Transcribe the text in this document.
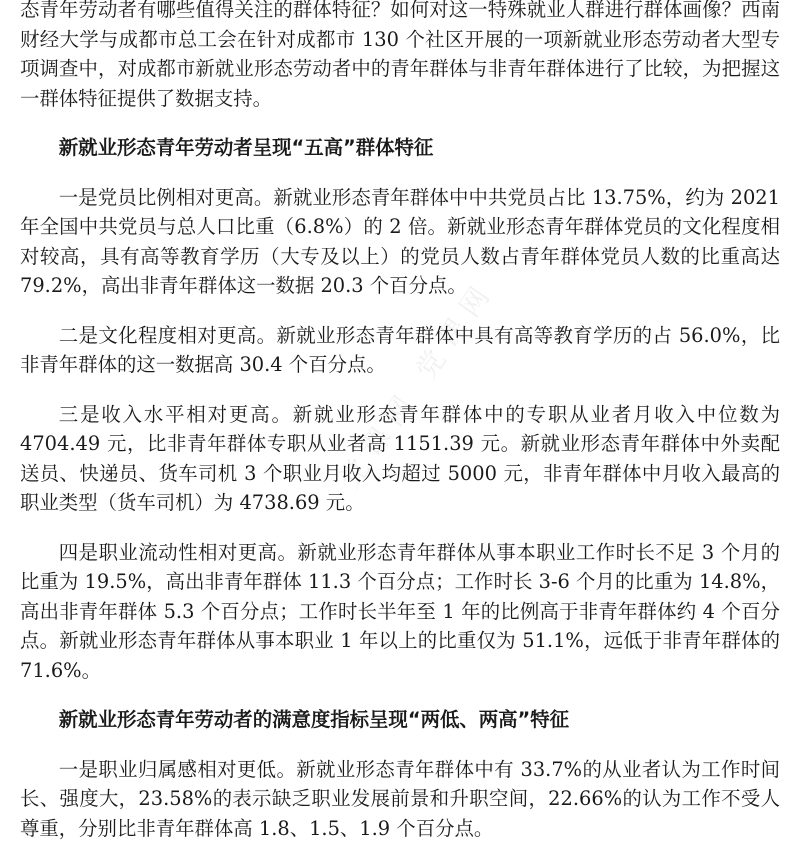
党课网 党课网

态青年劳动者有哪些值得关注的群体特征？如何对这一特殊就业人群进行群体画像？西南财经大学与成都市总工会在针对成都市 130 个社区开展的一项新就业形态劳动者大型专项调查中，对成都市新就业形态劳动者中的青年群体与非青年群体进行了比较，为把握这一群体特征提供了数据支持。

新就业形态青年劳动者呈现“五高”群体特征

一是党员比例相对更高。新就业形态青年群体中中共党员占比 13.75%，约为 2021 年全国中共党员与总人口比重（6.8%）的 2 倍。新就业形态青年群体党员的文化程度相对较高，具有高等教育学历（大专及以上）的党员人数占青年群体党员人数的比重高达 79.2%，高出非青年群体这一数据 20.3 个百分点。

二是文化程度相对更高。新就业形态青年群体中具有高等教育学历的占 56.0%，比非青年群体的这一数据高 30.4 个百分点。

三是收入水平相对更高。新就业形态青年群体中的专职从业者月收入中位数为 4704.49 元，比非青年群体专职从业者高 1151.39 元。新就业形态青年群体中外卖配送员、快递员、货车司机 3 个职业月收入均超过 5000 元，非青年群体中月收入最高的职业类型（货车司机）为 4738.69 元。

四是职业流动性相对更高。新就业形态青年群体从事本职业工作时长不足 3 个月的比重为 19.5%，高出非青年群体 11.3 个百分点；工作时长 3-6 个月的比重为 14.8%，高出非青年群体 5.3 个百分点；工作时长半年至 1 年的比例高于非青年群体约 4 个百分点。新就业形态青年群体从事本职业 1 年以上的比重仅为 51.1%，远低于非青年群体的 71.6%。

新就业形态青年劳动者的满意度指标呈现“两低、两高”特征

一是职业归属感相对更低。新就业形态青年群体中有 33.7%的从业者认为工作时间长、强度大，23.58%的表示缺乏职业发展前景和升职空间，22.66%的认为工作不受人尊重，分别比非青年群体高 1.8、1.5、1.9 个百分点。
